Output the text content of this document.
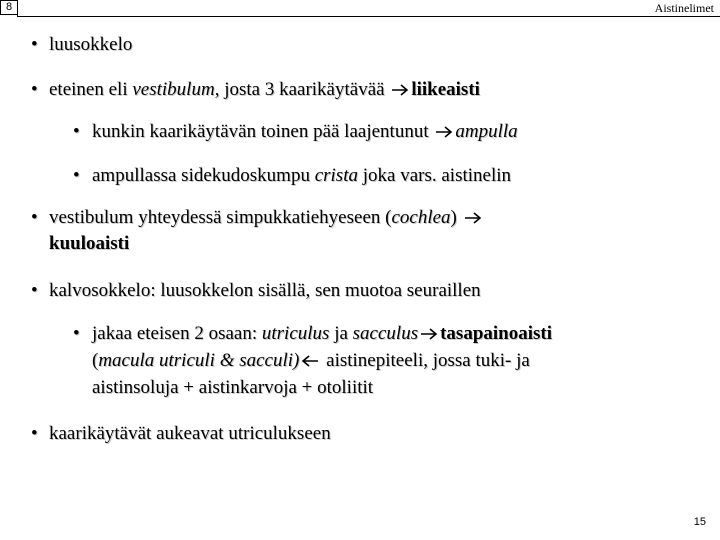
8	Aistinelimet
• luusokkelo
• eteinen eli vestibulum, josta 3 kaarikäytävää liikeaisti
• kunkin kaarikäytävän toinen pää laajentunut ampulla
• ampullassa sidekudoskumpu crista joka vars. aistinelin
• vestibulum yhteydessä simpukkatiehyeseen (cochlea)
kuuloaisti
• kalvosokkelo: luusokkelon sisällä, sen muotoa seuraillen
• jakaa eteisen 2 osaan: utriculus ja sacculus tasapainoaisti
(macula utriculi & sacculi) aistinepiteeli, jossa tuki- ja
aistinsoluja + aistinkarvoja + otoliitit
• kaarikäytävät aukeavat utriculukseen
15
